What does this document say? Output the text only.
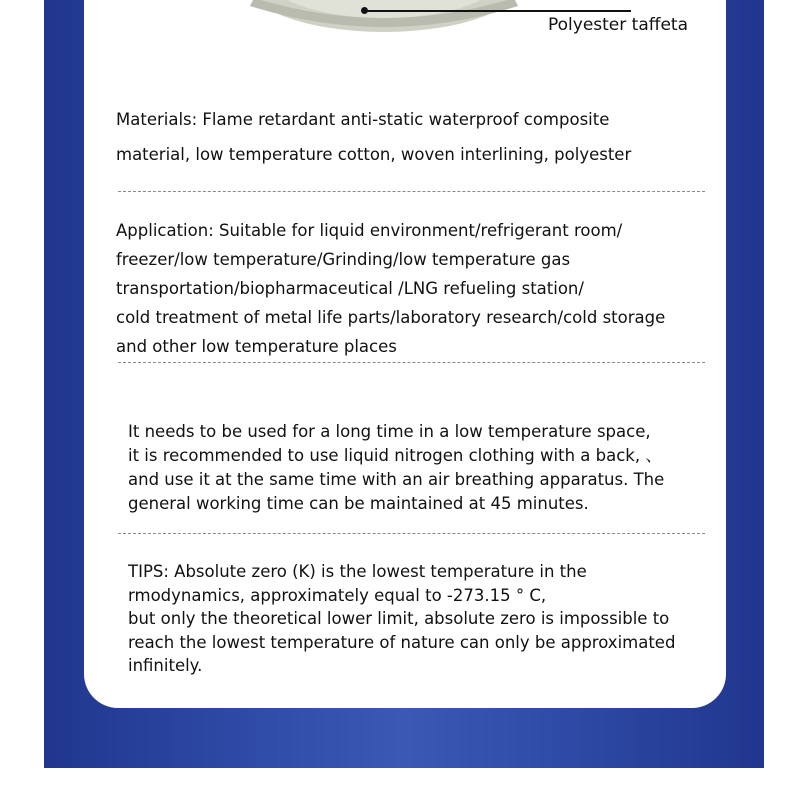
Polyester taffeta
Materials: Flame retardant anti-static waterproof composite
material, low temperature cotton, woven interlining, polyester
Application: Suitable for liquid environment/refrigerant room/
freezer/low temperature/Grinding/low temperature gas
transportation/biopharmaceutical /LNG refueling station/
cold treatment of metal life parts/laboratory research/cold storage
and other low temperature places
It needs to be used for a long time in a low temperature space,
it is recommended to use liquid nitrogen clothing with a back, 、
and use it at the same time with an air breathing apparatus. The
general working time can be maintained at 45 minutes.
TIPS: Absolute zero (K) is the lowest temperature in the
rmodynamics, approximately equal to -273.15 ° C,
but only the theoretical lower limit, absolute zero is impossible to
reach the lowest temperature of nature can only be approximated
infinitely.
